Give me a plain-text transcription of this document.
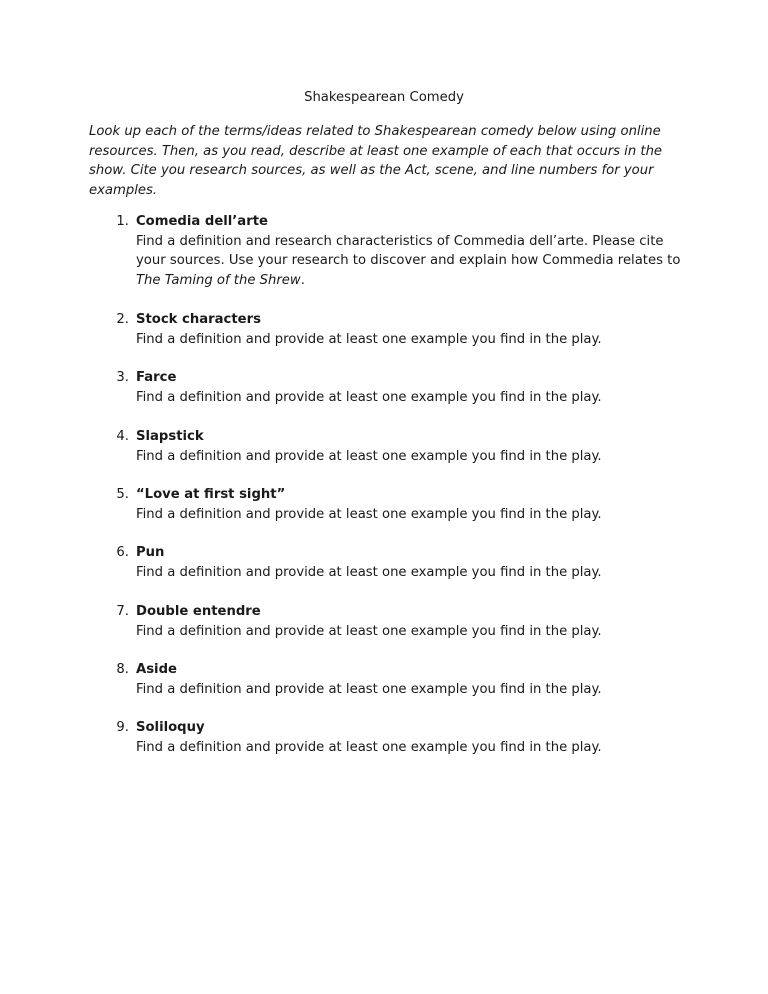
Shakespearean Comedy
Look up each of the terms/ideas related to Shakespearean comedy below using online resources. Then, as you read, describe at least one example of each that occurs in the show. Cite you research sources, as well as the Act, scene, and line numbers for your examples.
1. Comedia dell’arte
Find a definition and research characteristics of Commedia dell’arte. Please cite your sources. Use your research to discover and explain how Commedia relates to The Taming of the Shrew.
2. Stock characters
Find a definition and provide at least one example you find in the play.
3. Farce
Find a definition and provide at least one example you find in the play.
4. Slapstick
Find a definition and provide at least one example you find in the play.
5. “Love at first sight”
Find a definition and provide at least one example you find in the play.
6. Pun
Find a definition and provide at least one example you find in the play.
7. Double entendre
Find a definition and provide at least one example you find in the play.
8. Aside
Find a definition and provide at least one example you find in the play.
9. Soliloquy
Find a definition and provide at least one example you find in the play.
